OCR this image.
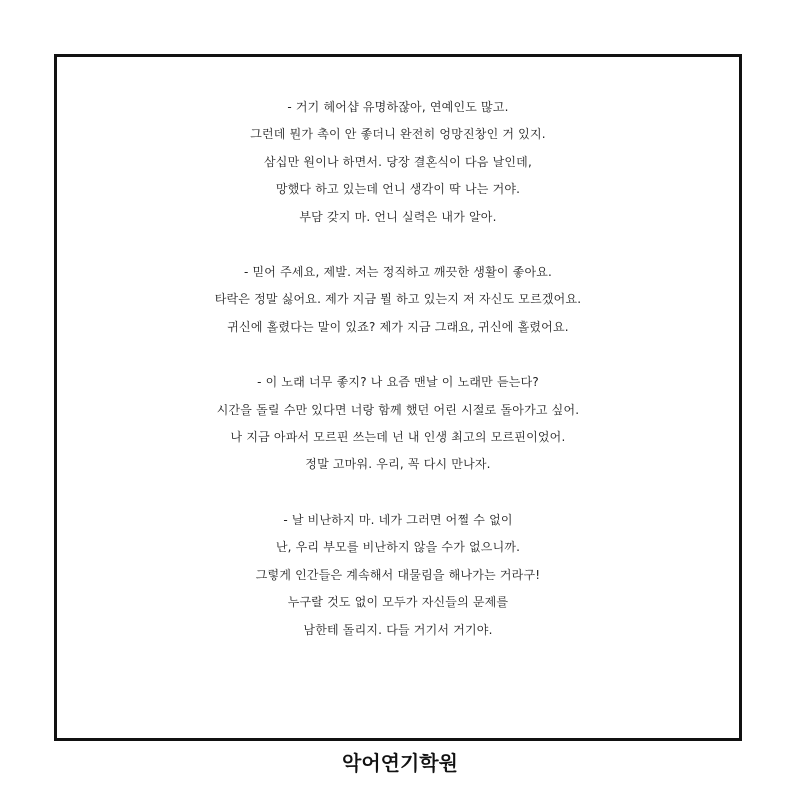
- 거기 헤어샵 유명하잖아, 연예인도 많고.
그런데 뭔가 촉이 안 좋더니 완전히 엉망진창인 거 있지.
삼십만 원이나 하면서. 당장 결혼식이 다음 날인데,
망했다 하고 있는데 언니 생각이 딱 나는 거야.
부담 갖지 마. 언니 실력은 내가 알아.
- 믿어 주세요, 제발. 저는 정직하고 깨끗한 생활이 좋아요.
타락은 정말 싫어요. 제가 지금 뭘 하고 있는지 저 자신도 모르겠어요.
귀신에 홀렸다는 말이 있죠? 제가 지금 그래요, 귀신에 홀렸어요.
- 이 노래 너무 좋지? 나 요즘 맨날 이 노래만 듣는다?
시간을 돌릴 수만 있다면 너랑 함께 했던 어린 시절로 돌아가고 싶어.
나 지금 아파서 모르핀 쓰는데 넌 내 인생 최고의 모르핀이었어.
정말 고마워. 우리, 꼭 다시 만나자.
- 날 비난하지 마. 네가 그러면 어쩔 수 없이
난, 우리 부모를 비난하지 않을 수가 없으니까.
그렇게 인간들은 계속해서 대물림을 해나가는 거라구!
누구랄 것도 없이 모두가 자신들의 문제를
남한테 돌리지. 다들 거기서 거기야.
악어연기학원
